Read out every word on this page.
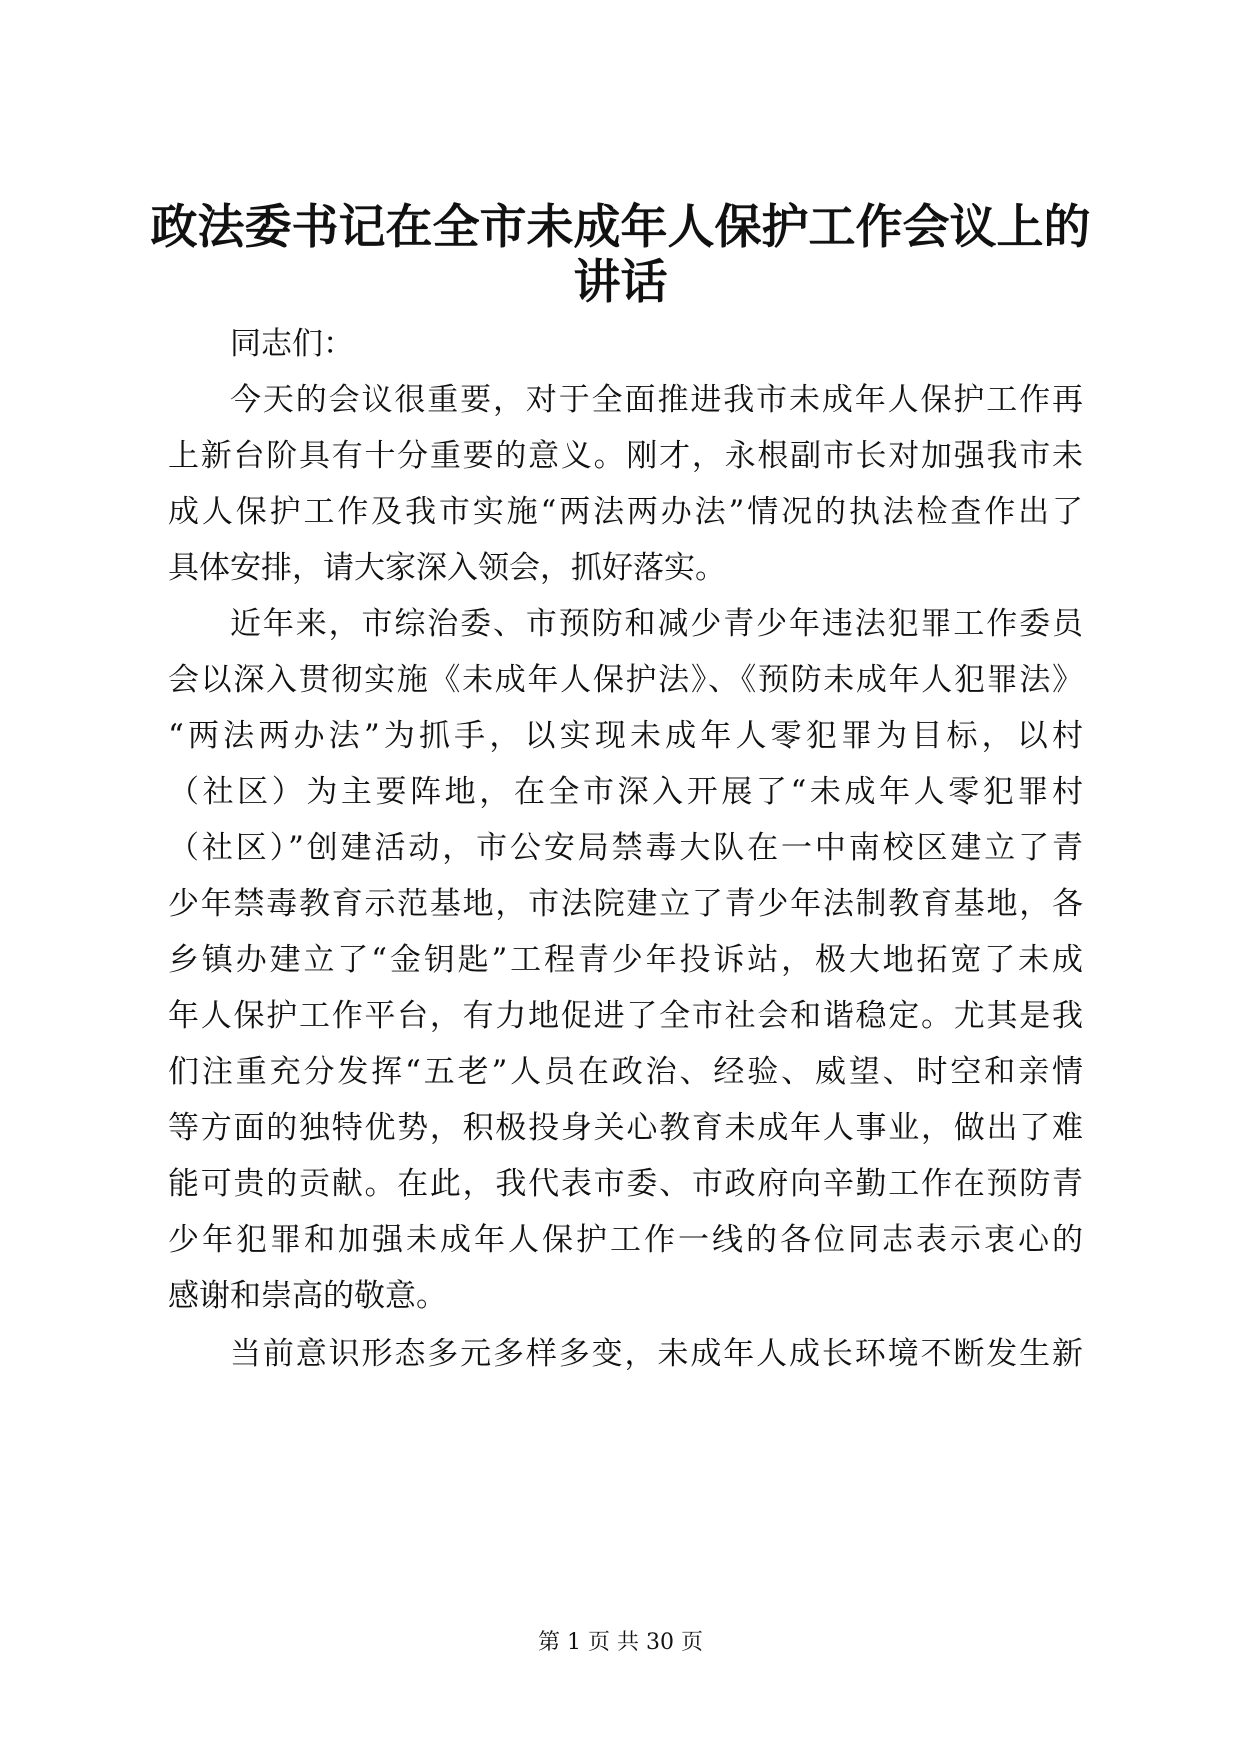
政法委书记在全市未成年人保护工作会议上的
讲话
同志们：
今天的会议很重要，对于全面推进我市未成年人保护工作再
上新台阶具有十分重要的意义。刚才，永根副市长对加强我市未
成人保护工作及我市实施“两法两办法”情况的执法检查作出了
具体安排，请大家深入领会，抓好落实。
近年来，市综治委、市预防和减少青少年违法犯罪工作委员
会以深入贯彻实施《未成年人保护法》、《预防未成年人犯罪法》
“两法两办法”为抓手，以实现未成年人零犯罪为目标，以村
（社区）为主要阵地，在全市深入开展了“未成年人零犯罪村
（社区）”创建活动，市公安局禁毒大队在一中南校区建立了青
少年禁毒教育示范基地，市法院建立了青少年法制教育基地，各
乡镇办建立了“金钥匙”工程青少年投诉站，极大地拓宽了未成
年人保护工作平台，有力地促进了全市社会和谐稳定。尤其是我
们注重充分发挥“五老”人员在政治、经验、威望、时空和亲情
等方面的独特优势，积极投身关心教育未成年人事业，做出了难
能可贵的贡献。在此，我代表市委、市政府向辛勤工作在预防青
少年犯罪和加强未成年人保护工作一线的各位同志表示衷心的
感谢和崇高的敬意。
当前意识形态多元多样多变，未成年人成长环境不断发生新
第 1 页 共 30 页
